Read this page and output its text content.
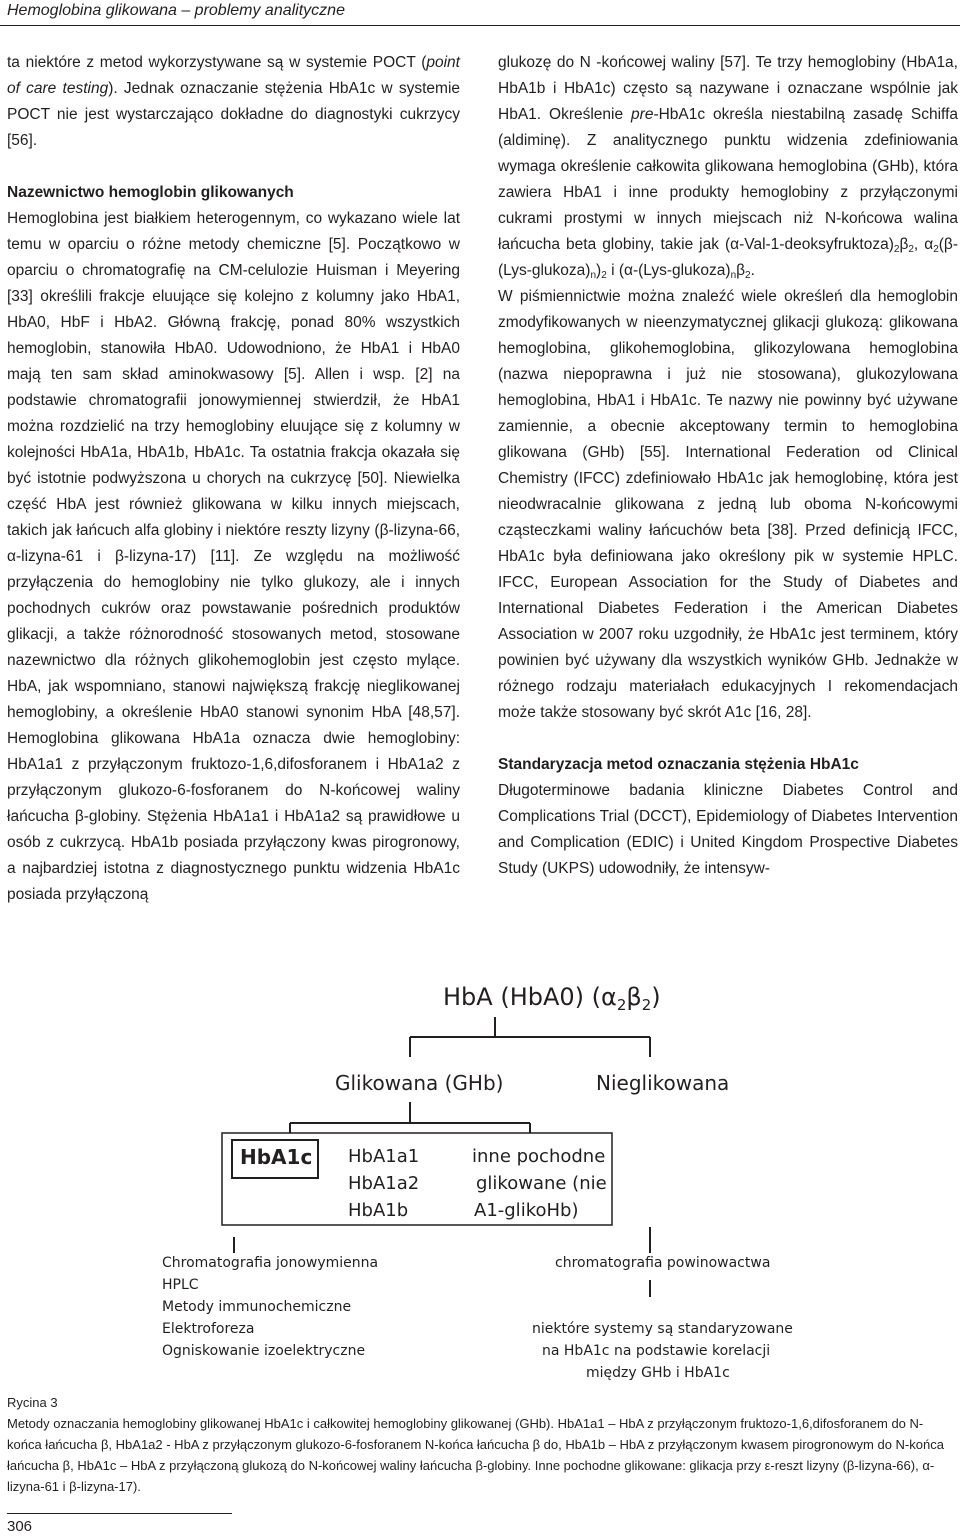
Hemoglobina glikowana – problemy analityczne

ta niektóre z metod wykorzystywane są w systemie POCT (point of care testing). Jednak oznaczanie stężenia HbA1c w systemie POCT nie jest wystarczająco dokładne do diagnostyki cukrzycy [56].

Nazewnictwo hemoglobin glikowanych

Hemoglobina jest białkiem heterogennym, co wykazano wiele lat temu w oparciu o różne metody chemiczne [5]. Początkowo w oparciu o chromatografię na CM-celulozie Huisman i Meyering [33] określili frakcje eluujące się kolejno z kolumny jako HbA1, HbA0, HbF i HbA2. Główną frakcję, ponad 80% wszystkich hemoglobin, stanowiła HbA0. Udowodniono, że HbA1 i HbA0 mają ten sam skład aminokwasowy [5]. Allen i wsp. [2] na podstawie chromatografii jonowymiennej stwierdził, że HbA1 można rozdzielić na trzy hemoglobiny eluujące się z kolumny w kolejności HbA1a, HbA1b, HbA1c. Ta ostatnia frakcja okazała się być istotnie podwyższona u chorych na cukrzycę [50]. Niewielka część HbA jest również glikowana w kilku innych miejscach, takich jak łańcuch alfa globiny i niektóre reszty lizyny (β-lizyna-66, α-lizyna-61 i β-lizyna-17) [11]. Ze względu na możliwość przyłączenia do hemoglobiny nie tylko glukozy, ale i innych pochodnych cukrów oraz powstawanie pośrednich produktów glikacji, a także różnorodność stosowanych metod, stosowane nazewnictwo dla różnych glikohemoglobin jest często mylące. HbA, jak wspomniano, stanowi największą frakcję nieglikowanej hemoglobiny, a określenie HbA0 stanowi synonim HbA [48,57]. Hemoglobina glikowana HbA1a oznacza dwie hemoglobiny: HbA1a1 z przyłączonym fruktozo-1,6,difosforanem i HbA1a2 z przyłączonym glukozo-6-fosforanem do N-końcowej waliny łańcucha β-globiny. Stężenia HbA1a1 i HbA1a2 są prawidłowe u osób z cukrzycą. HbA1b posiada przyłączony kwas pirogronowy, a najbardziej istotna z diagnostycznego punktu widzenia HbA1c posiada przyłączoną

glukozę do N -końcowej waliny [57]. Te trzy hemoglobiny (HbA1a, HbA1b i HbA1c) często są nazywane i oznaczane wspólnie jak HbA1. Określenie pre-HbA1c określa niestabilną zasadę Schiffa (aldiminę). Z analitycznego punktu widzenia zdefiniowania wymaga określenie całkowita glikowana hemoglobina (GHb), która zawiera HbA1 i inne produkty hemoglobiny z przyłączonymi cukrami prostymi w innych miejscach niż N-końcowa walina łańcucha beta globiny, takie jak $(\alpha-Val-1-deoksyfruktoza)_2\beta_2$, $\alpha_2(\beta-(Lys-glukoza)_n)_2$ i ($\alpha-(Lys-glukoza)_n\beta_2$.

W piśmiennictwie można znaleźć wiele określeń dla hemoglobin zmodyfikowanych w nieenzymatycznej glikacji glukozą: glikowana hemoglobina, glikohemoglobina, glikozylowana hemoglobina (nazwa niepoprawna i już nie stosowana), glukozylowana hemoglobina, HbA1 i HbA1c. Te nazwy nie powinny być używane zamiennie, a obecnie akceptowany termin to hemoglobina glikowana (GHb) [55]. International Federation od Clinical Chemistry (IFCC) zdefiniowało HbA1c jak hemoglobinę, która jest nieodwracalnie glikowana z jedną lub oboma N-końcowymi cząsteczkami waliny łańcuchów beta [38]. Przed definicją IFCC, HbA1c była definiowana jako określony pik w systemie HPLC. IFCC, European Association for the Study of Diabetes and International Diabetes Federation i the American Diabetes Association w 2007 roku uzgodniły, że HbA1c jest terminem, który powinien być używany dla wszystkich wyników GHb. Jednakże w różnego rodzaju materiałach edukacyjnych I rekomendacjach może także stosowany być skrót A1c [16, 28].

Standaryzacja metod oznaczania stężenia HbA1c

Długoterminowe badania kliniczne Diabetes Control and Complications Trial (DCCT), Epidemiology of Diabetes Intervention and Complication (EDIC) i United Kingdom Prospective Diabetes Study (UKPS) udowodniły, że intensyw-

HbA (HbA0) $(\alpha_2\beta_2)$
Glikowana (GHb)	Nieglikowana
HbA1c HbA1a1
HbA1a2
HbA1b
inne pochodne
glikowane (nie
A1-glikoHb)
Chromatografia jonowymienna
HPLC
Metody immunochemiczne
Elektroforeza
Ogniskowanie izoelektryczne
chromatografia powinowactwa
niektóre systemy są standaryzowane
na HbA1c na podstawie korelacji
między GHb i HbA1c

Rycina 3

Metody oznaczania hemoglobiny glikowanej HbA1c i całkowitej hemoglobiny glikowanej (GHb). HbA1a1 – HbA z przyłączonym fruktozo-1,6,difosforanem do N-końca łańcucha β, HbA1a2 - HbA z przyłączonym glukozo-6-fosforanem N-końca łańcucha β do, HbA1b – HbA z przyłączonym kwasem pirogronowym do N-końca łańcucha β, HbA1c – HbA z przyłączoną glukozą do N-końcowej waliny łańcucha β-globiny. Inne pochodne glikowane: glikacja przy ε-reszt lizyny (β-lizyna-66), α-lizyna-61 i β-lizyna-17).

306
